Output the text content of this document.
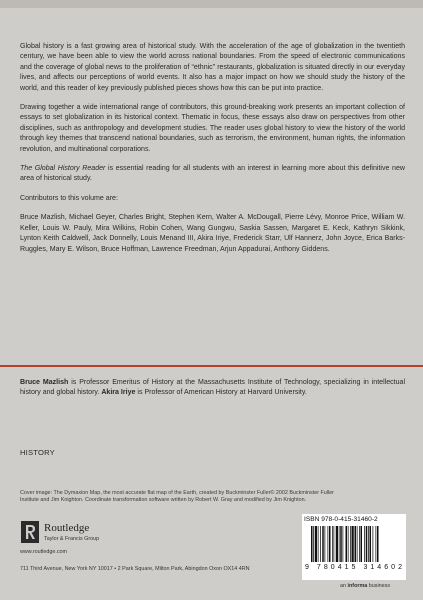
Global history is a fast growing area of historical study. With the acceleration of the age of globalization in the twentieth century, we have been able to view the world across national boundaries. From the speed of electronic communications and the coverage of global news to the proliferation of “ethnic” restaurants, globalization is situated directly in our everyday lives, and affects our perceptions of world events. It also has a major impact on how we should study the history of the world, and this reader of key previously published pieces shows how this can be put into practice.

Drawing together a wide international range of contributors, this ground-breaking work presents an important collection of essays to set globalization in its historical context. Thematic in focus, these essays also draw on perspectives from other disciplines, such as anthropology and development studies. The reader uses global history to view the history of the world through key themes that transcend national boundaries, such as terrorism, the environment, human rights, the information revolution, and multinational corporations.

The Global History Reader is essential reading for all students with an interest in learning more about this definitive new area of historical study.

Contributors to this volume are:

Bruce Mazlish, Michael Geyer, Charles Bright, Stephen Kern, Walter A. McDougall, Pierre Lévy, Monroe Price, William W. Keller, Louis W. Pauly, Mira Wilkins, Robin Cohen, Wang Gungwu, Saskia Sassen, Margaret E. Keck, Kathryn Sikkink, Lynton Keith Caldwell, Jack Donnelly, Louis Menand III, Akira Iriye, Frederick Starr, Ulf Hannerz, John Joyce, Erica Barks-Ruggles, Mary E. Wilson, Bruce Hoffman, Lawrence Freedman, Arjun Appadurai, Anthony Giddens.

Bruce Mazlish is Professor Emeritus of History at the Massachusetts Institute of Technology, specializing in intellectual history and global history. Akira Iriye is Professor of American History at Harvard University.
HISTORY
Cover image: The Dymaxion Map, the most accurate flat map of the Earth, created by Buckminster Fuller© 2002 Buckminster Fuller Institute and Jim Knighton. Coordinate transformation software written by Robert W. Gray and modified by Jim Knighton.
Routledge
Taylor & Francis Group
www.routledge.com
711 Third Avenue, New York NY 10017 • 2 Park Square, Milton Park, Abingdon Oxon OX14 4RN
ISBN 978-0-415-31460-2
9 780415 314602
an informa business
